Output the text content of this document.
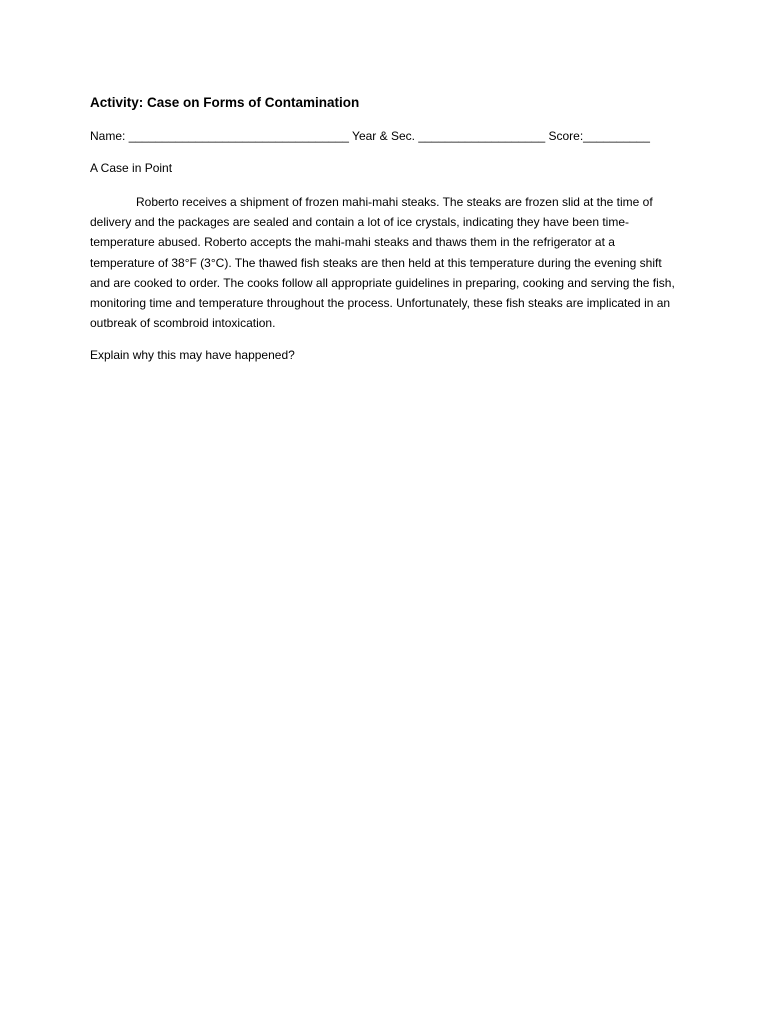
Activity: Case on Forms of Contamination
Name: _________________________________ Year & Sec. ___________________ Score:__________
A Case in Point

Roberto receives a shipment of frozen mahi-mahi steaks. The steaks are frozen slid at the time of delivery and the packages are sealed and contain a lot of ice crystals, indicating they have been time-temperature abused. Roberto accepts the mahi-mahi steaks and thaws them in the refrigerator at a temperature of 38°F (3°C). The thawed fish steaks are then held at this temperature during the evening shift and are cooked to order. The cooks follow all appropriate guidelines in preparing, cooking and serving the fish, monitoring time and temperature throughout the process. Unfortunately, these fish steaks are implicated in an outbreak of scombroid intoxication.

Explain why this may have happened?
